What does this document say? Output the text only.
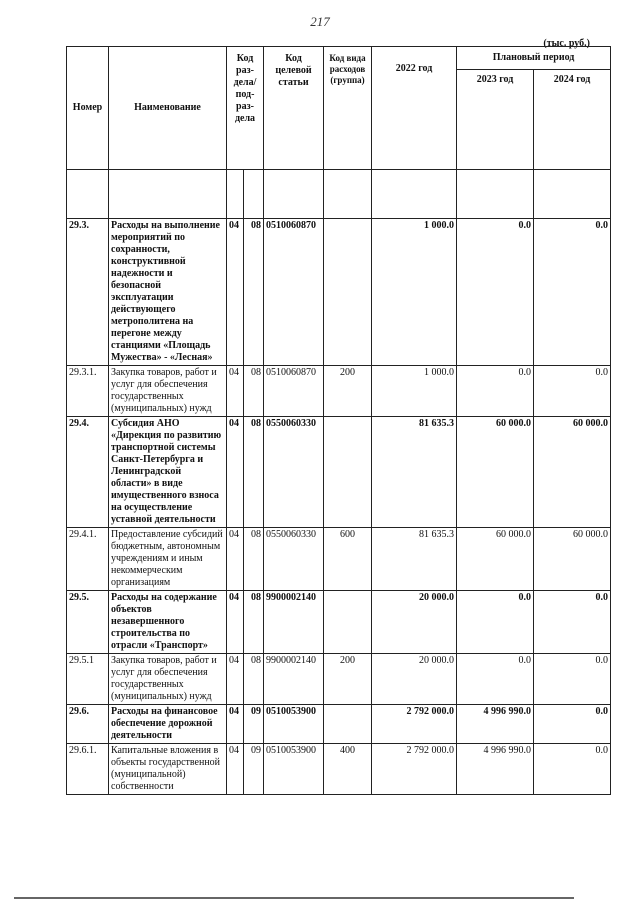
217
(тыс. руб.)
Номер	Наименование	Код раз- дела/ под- раз- дела		Код целевой статьи	Код вида расходов (группа)	2022 год	Плановый период	
							2023 год	2024 год

29.3.	Расходы на выполнение мероприятий по сохранности, конструктивной надежности и безопасной эксплуатации действующего метрополитена на перегоне между станциями «Площадь Мужества» - «Лесная»	04	08	0510060870		1 000.0	0.0	0.0
29.3.1.	Закупка товаров, работ и услуг для обеспечения государственных (муниципальных) нужд	04	08	0510060870	200	1 000.0	0.0	0.0
29.4.	Субсидия АНО «Дирекция по развитию транспортной системы Санкт-Петербурга и Ленинградской области» в виде имущественного взноса на осуществление уставной деятельности	04	08	0550060330		81 635.3	60 000.0	60 000.0
29.4.1.	Предоставление субсидий бюджетным, автономным учреждениям и иным некоммерческим организациям	04	08	0550060330	600	81 635.3	60 000.0	60 000.0
29.5.	Расходы на содержание объектов незавершенного строительства по отрасли «Транспорт»	04	08	9900002140		20 000.0	0.0	0.0
29.5.1	Закупка товаров, работ и услуг для обеспечения государственных (муниципальных) нужд	04	08	9900002140	200	20 000.0	0.0	0.0
29.6.	Расходы на финансовое обеспечение дорожной деятельности	04	09	0510053900		2 792 000.0	4 996 990.0	0.0
29.6.1.	Капитальные вложения в объекты государственной (муниципальной) собственности	04	09	0510053900	400	2 792 000.0	4 996 990.0	0.0
